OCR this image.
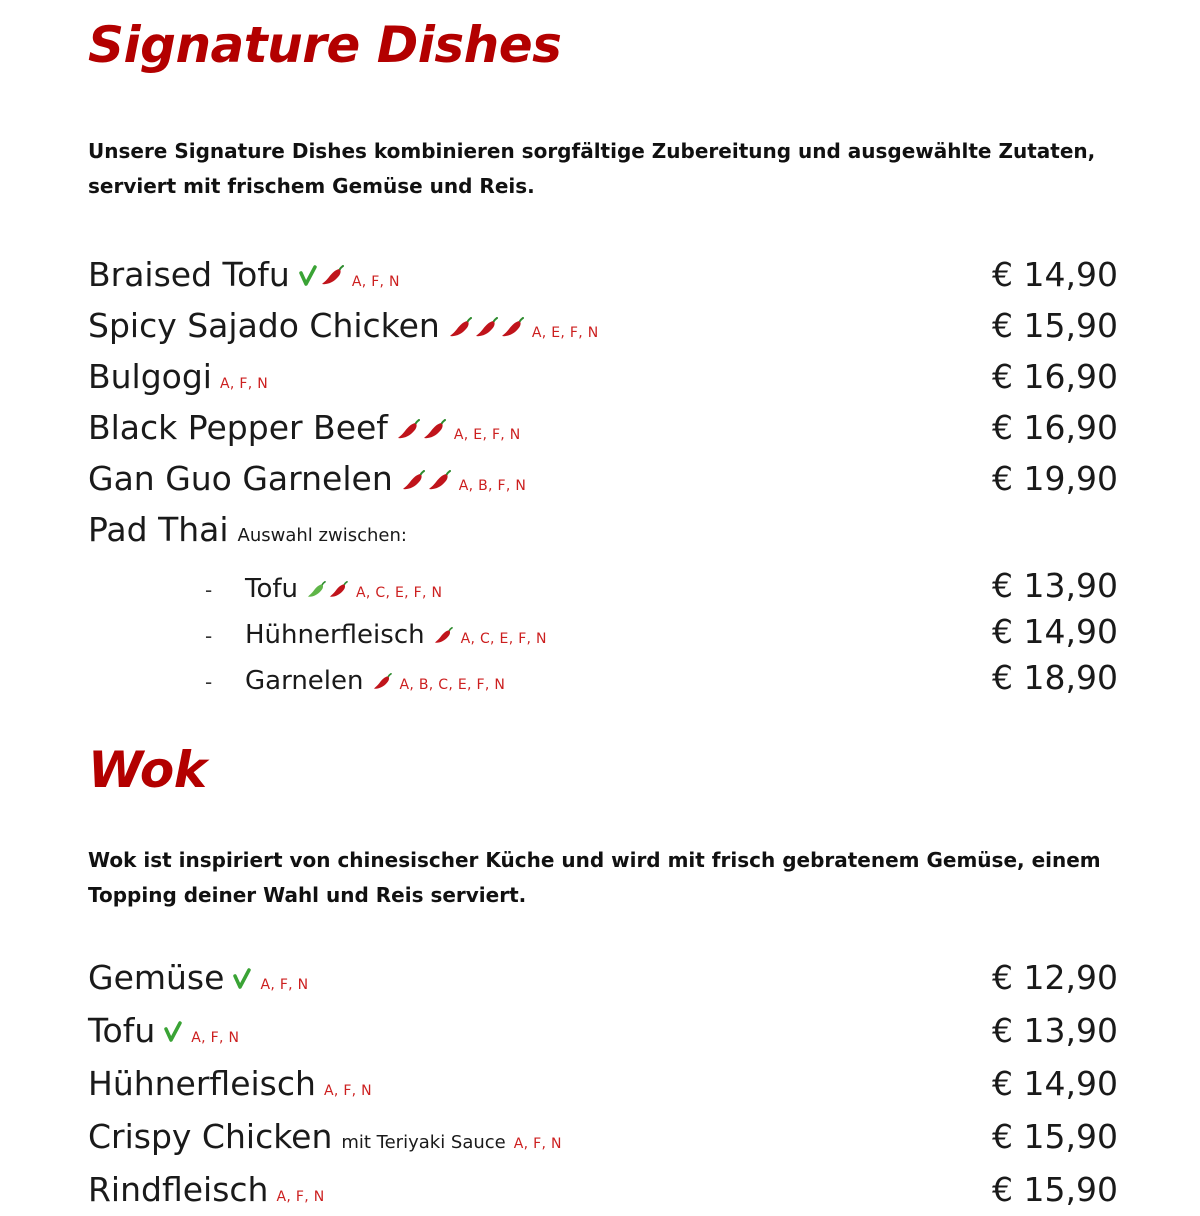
Signature Dishes

Unsere Signature Dishes kombinieren sorgfältige Zubereitung und ausgewählte Zutaten, serviert mit frischem Gemüse und Reis.

Braised Tofu	A, F, N	€ 14,90
Spicy Sajado Chicken	A, E, F, N	€ 15,90
Bulgogi A, F, N	€ 16,90
Black Pepper Beef	A, E, F, N	€ 16,90
Gan Guo Garnelen	A, B, F, N	€ 19,90
Pad Thai Auswahl zwischen:
-	Tofu	A, C, E, F, N	€ 13,90
-	Hühnerfleisch	A, C, E, F, N	€ 14,90
-	Garnelen	A, B, C, E, F, N	€ 18,90
Wok

Wok ist inspiriert von chinesischer Küche und wird mit frisch gebratenem Gemüse, einem Topping deiner Wahl und Reis serviert.

Gemüse	A, F, N	€ 12,90
Tofu	A, F, N	€ 13,90
Hühnerfleisch A, F, N	€ 14,90
Crispy Chicken mit Teriyaki Sauce A, F, N	€ 15,90
Rindfleisch A, F, N	€ 15,90
